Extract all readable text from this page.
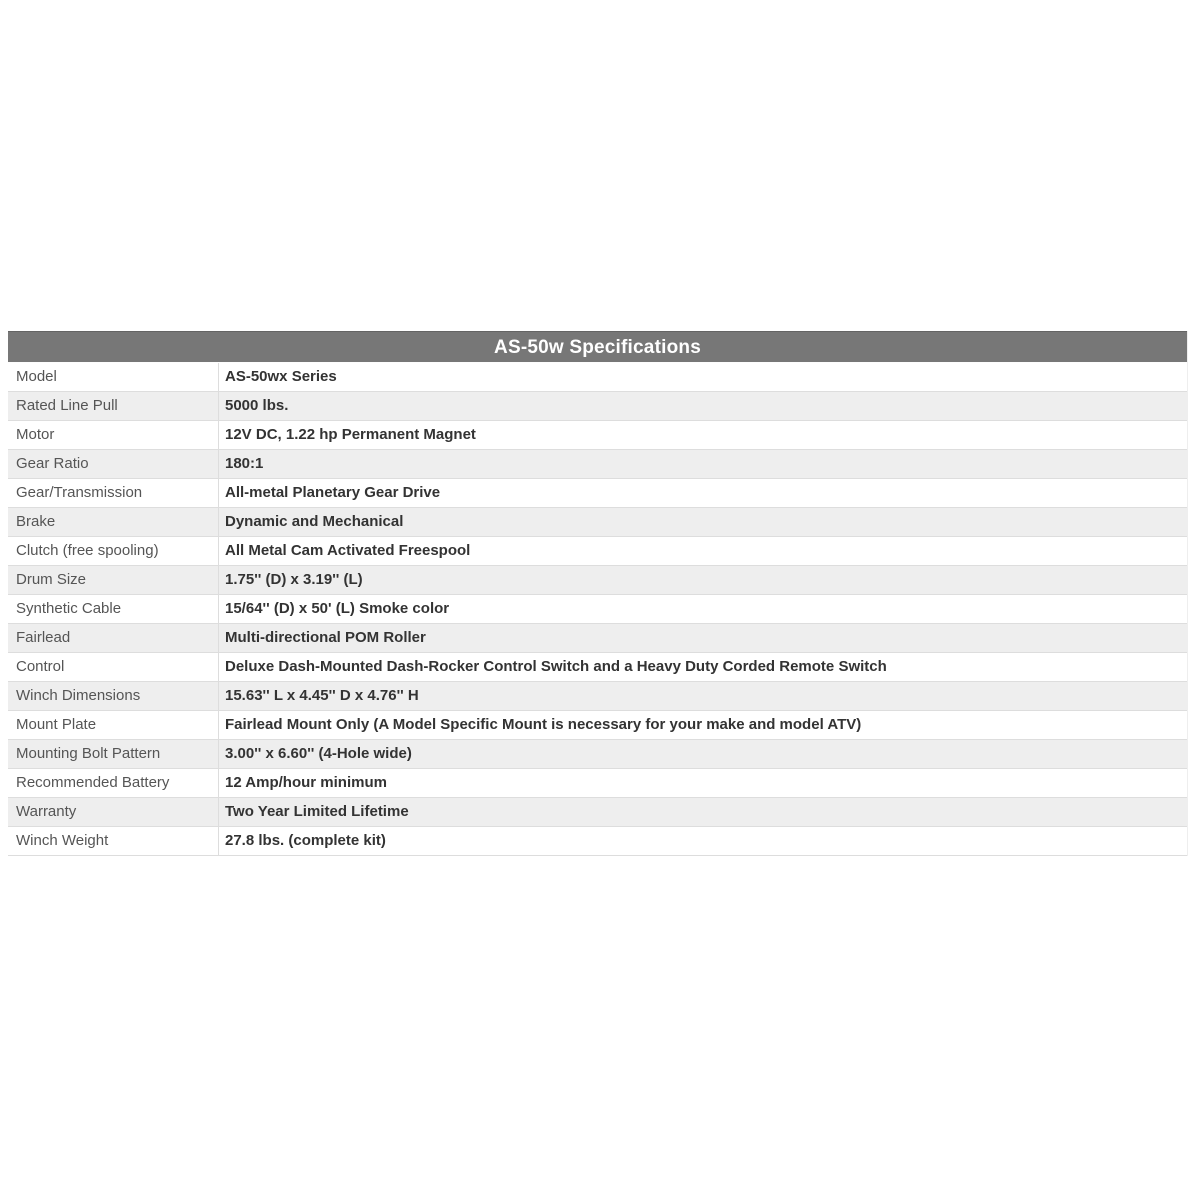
AS-50w Specifications
Model	AS-50wx Series
Rated Line Pull	5000 lbs.
Motor	12V DC, 1.22 hp Permanent Magnet
Gear Ratio	180:1
Gear/Transmission	All-metal Planetary Gear Drive
Brake	Dynamic and Mechanical
Clutch (free spooling)	All Metal Cam Activated Freespool
Drum Size	1.75'' (D) x 3.19'' (L)
Synthetic Cable	15/64'' (D) x 50' (L) Smoke color
Fairlead	Multi-directional POM Roller
Control	Deluxe Dash-Mounted Dash-Rocker Control Switch and a Heavy Duty Corded Remote Switch
Winch Dimensions	15.63'' L x 4.45'' D x 4.76'' H
Mount Plate	Fairlead Mount Only (A Model Specific Mount is necessary for your make and model ATV)
Mounting Bolt Pattern	3.00'' x 6.60'' (4-Hole wide)
Recommended Battery	12 Amp/hour minimum
Warranty	Two Year Limited Lifetime
Winch Weight	27.8 lbs. (complete kit)
